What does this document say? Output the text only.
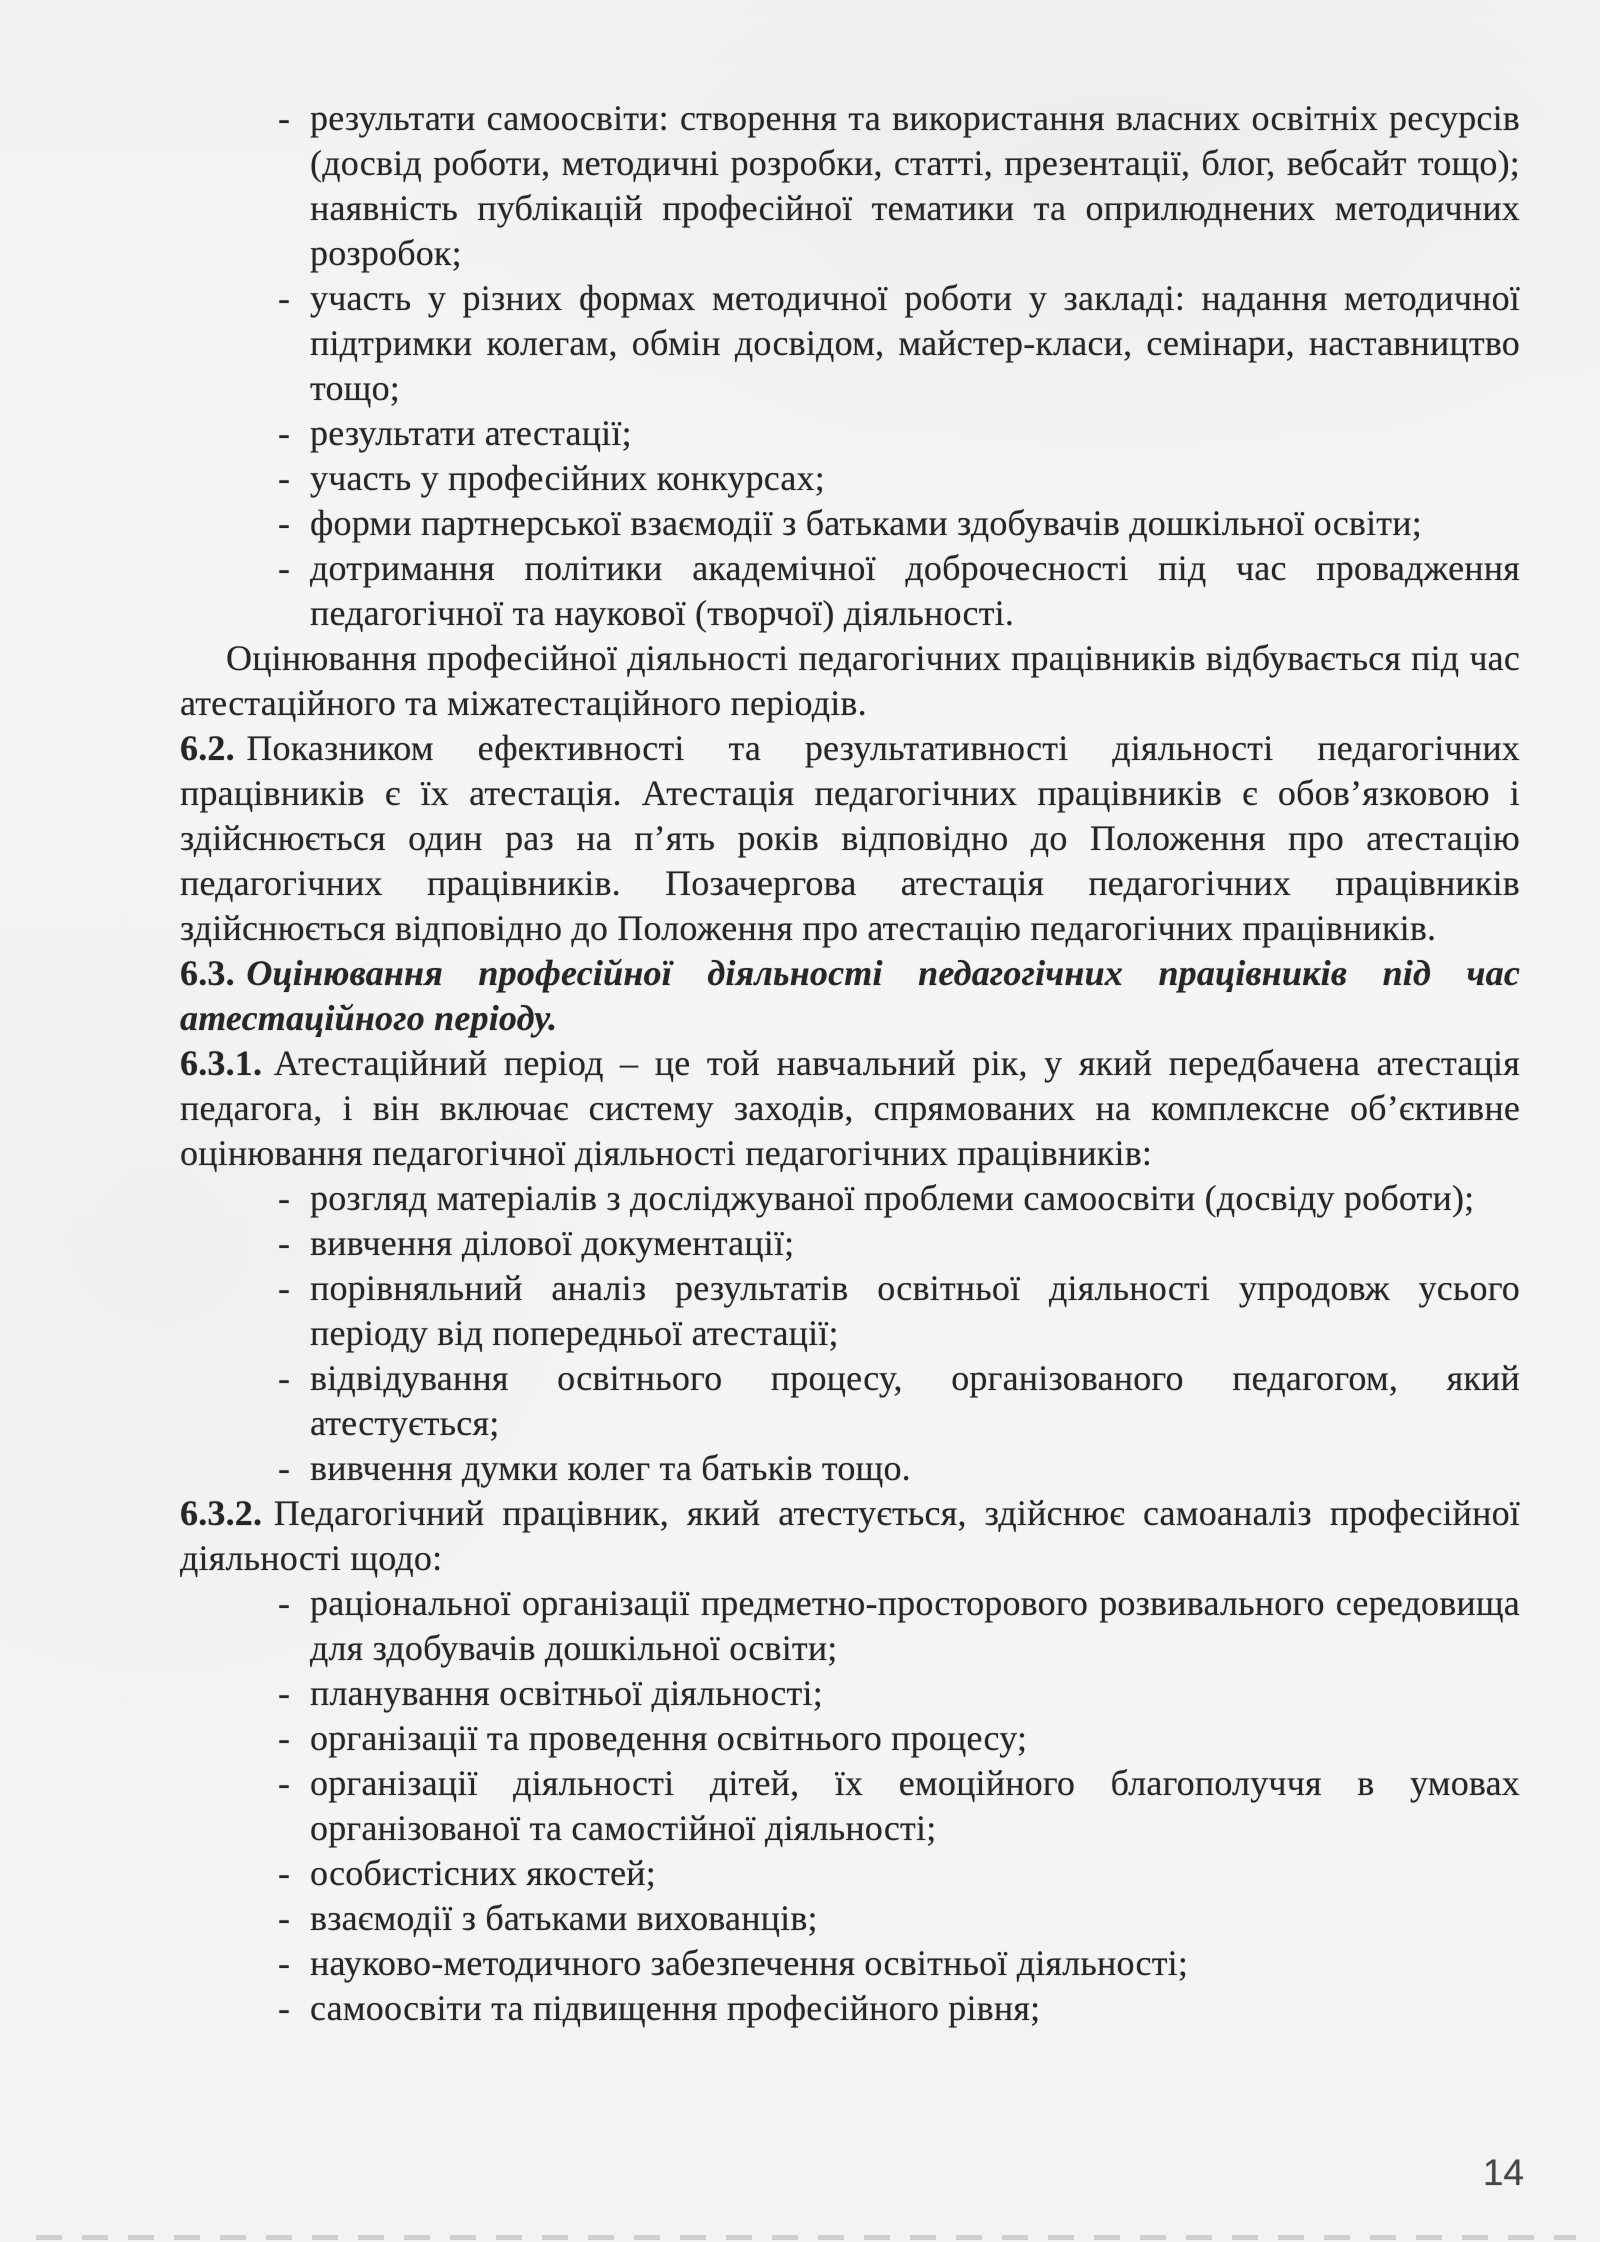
- результати самоосвіти: створення та використання власних освітніх ресурсів (досвід роботи, методичні розробки, статті, презентації, блог, вебсайт тощо); наявність публікацій професійної тематики та оприлюднених методичних розробок;
- участь у різних формах методичної роботи у закладі: надання методичної підтримки колегам, обмін досвідом, майстер-класи, семінари, наставництво тощо;
- результати атестації;
- участь у професійних конкурсах;
- форми партнерської взаємодії з батьками здобувачів дошкільної освіти;
- дотримання політики академічної доброчесності під час провадження педагогічної та наукової (творчої) діяльності.

Оцінювання професійної діяльності педагогічних працівників відбувається під час атестаційного та міжатестаційного періодів.

6.2. Показником ефективності та результативності діяльності педагогічних працівників є їх атестація. Атестація педагогічних працівників є обов’язковою і здійснюється один раз на п’ять років відповідно до Положення про атестацію педагогічних працівників. Позачергова атестація педагогічних працівників здійснюється відповідно до Положення про атестацію педагогічних працівників.

6.3. Оцінювання професійної діяльності педагогічних працівників під час атестаційного періоду.

6.3.1. Атестаційний період – це той навчальний рік, у який передбачена атестація педагога, і він включає систему заходів, спрямованих на комплексне об’єктивне оцінювання педагогічної діяльності педагогічних працівників:

- розгляд матеріалів з досліджуваної проблеми самоосвіти (досвіду роботи);
- вивчення ділової документації;
- порівняльний аналіз результатів освітньої діяльності упродовж усього періоду від попередньої атестації;
- відвідування освітнього процесу, організованого педагогом, який атестується;
- вивчення думки колег та батьків тощо.

6.3.2. Педагогічний працівник, який атестується, здійснює самоаналіз професійної діяльності щодо:

- раціональної організації предметно-просторового розвивального середовища для здобувачів дошкільної освіти;
- планування освітньої діяльності;
- організації та проведення освітнього процесу;
- організації діяльності дітей, їх емоційного благополуччя в умовах організованої та самостійної діяльності;
- особистісних якостей;
- взаємодії з батьками вихованців;
- науково-методичного забезпечення освітньої діяльності;
- самоосвіти та підвищення професійного рівня;
14
